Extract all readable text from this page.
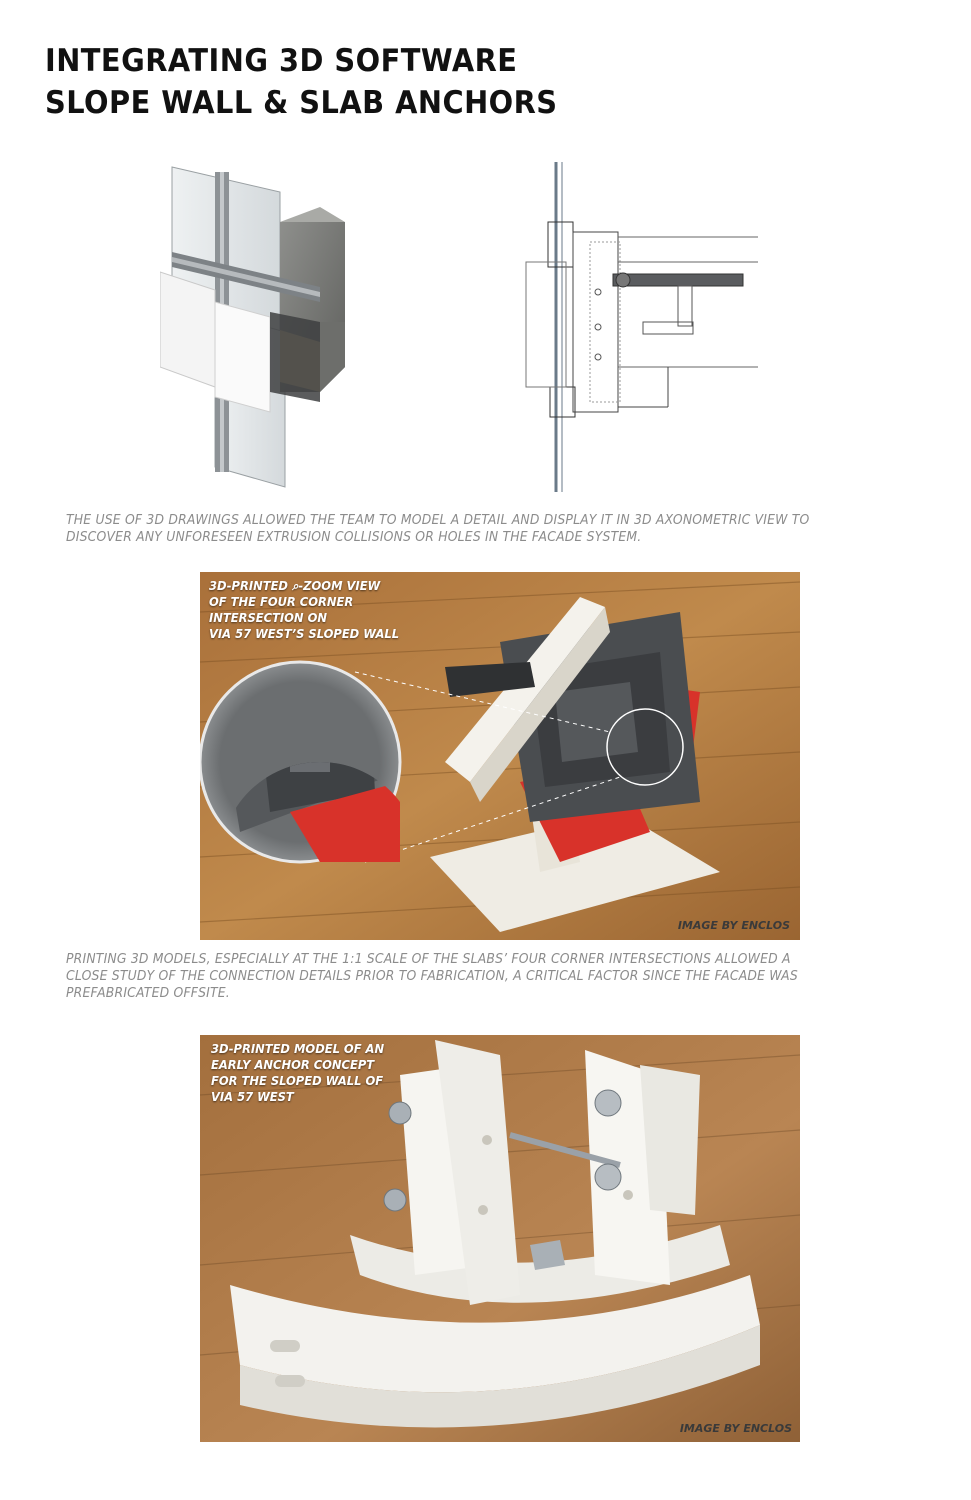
INTEGRATING 3D SOFTWARE
SLOPE WALL & SLAB ANCHORS
THE USE OF 3D DRAWINGS ALLOWED THE TEAM TO MODEL A DETAIL AND DISPLAY IT IN 3D AXONOMETRIC VIEW TO
DISCOVER ANY UNFORESEEN EXTRUSION COLLISIONS OR HOLES IN THE FACADE SYSTEM.
3D-PRINTED ⌕-ZOOM VIEW
OF THE FOUR CORNER
INTERSECTION ON
VIA 57 WEST’S SLOPED WALL
IMAGE BY ENCLOS
PRINTING 3D MODELS, ESPECIALLY AT THE 1:1 SCALE OF THE SLABS’ FOUR CORNER INTERSECTIONS ALLOWED A
CLOSE STUDY OF THE CONNECTION DETAILS PRIOR TO FABRICATION, A CRITICAL FACTOR SINCE THE FACADE WAS
PREFABRICATED OFFSITE.
3D-PRINTED MODEL OF AN
EARLY ANCHOR CONCEPT
FOR THE SLOPED WALL OF
VIA 57 WEST
IMAGE BY ENCLOS
